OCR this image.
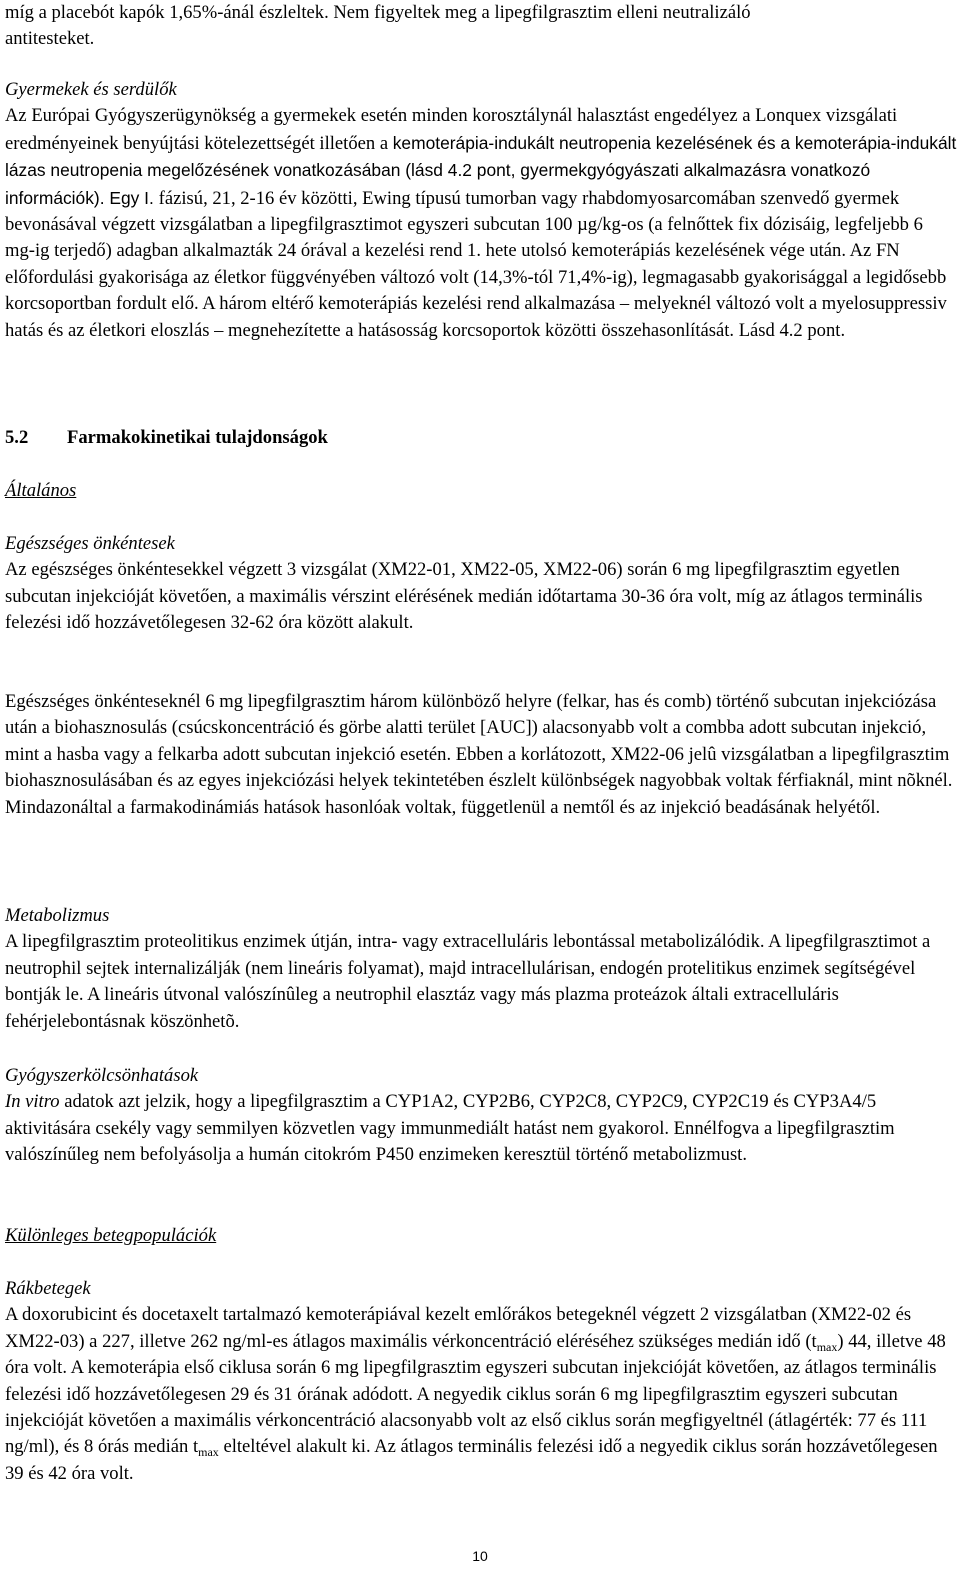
míg a placebót kapók 1,65%-ánál észleltek. Nem figyeltek meg a lipegfilgrasztim elleni neutralizáló

antitesteket.

Gyermekek és serdülők

Az Európai Gyógyszerügynökség a gyermekek esetén minden korosztálynál halasztást engedélyez a Lonquex vizsgálati eredményeinek benyújtási kötelezettségét illetően a kemoterápia-indukált neutropenia kezelésének és a kemoterápia-indukált lázas neutropenia megelőzésének vonatkozásában (lásd 4.2 pont, gyermekgyógyászati alkalmazásra vonatkozó információk). Egy I. fázisú, 21, 2-16 év közötti, Ewing típusú tumorban vagy rhabdomyosarcomában szenvedő gyermek bevonásával végzett vizsgálatban a lipegfilgrasztimot egyszeri subcutan 100 µg/kg-os (a felnőttek fix dózisáig, legfeljebb 6 mg-ig terjedő) adagban alkalmazták 24 órával a kezelési rend 1. hete utolsó kemoterápiás kezelésének vége után. Az FN előfordulási gyakorisága az életkor függvényében változó volt (14,3%-tól 71,4%-ig), legmagasabb gyakorisággal a legidősebb korcsoportban fordult elő. A három eltérő kemoterápiás kezelési rend alkalmazása – melyeknél változó volt a myelosuppressiv hatás és az életkori eloszlás – megnehezítette a hatásosság korcsoportok közötti összehasonlítását. Lásd 4.2 pont.

5.2 Farmakokinetikai tulajdonságok

Általános

Egészséges önkéntesek

Az egészséges önkéntesekkel végzett 3 vizsgálat (XM22-01, XM22-05, XM22-06) során 6 mg lipegfilgrasztim egyetlen subcutan injekcióját követően, a maximális vérszint elérésének medián időtartama 30-36 óra volt, míg az átlagos terminális felezési idő hozzávetőlegesen 32-62 óra között alakult.

Egészséges önkénteseknél 6 mg lipegfilgrasztim három különböző helyre (felkar, has és comb) történő subcutan injekciózása után a biohasznosulás (csúcskoncentráció és görbe alatti terület [AUC]) alacsonyabb volt a combba adott subcutan injekció, mint a hasba vagy a felkarba adott subcutan injekció esetén. Ebben a korlátozott, XM22-06 jelû vizsgálatban a lipegfilgrasztim biohasznosulásában és az egyes injekciózási helyek tekintetében észlelt különbségek nagyobbak voltak férfiaknál, mint nõknél. Mindazonáltal a farmakodinámiás hatások hasonlóak voltak, függetlenül a nemtől és az injekció beadásának helyétől.

Metabolizmus

A lipegfilgrasztim proteolitikus enzimek útján, intra- vagy extracelluláris lebontással metabolizálódik. A lipegfilgrasztimot a neutrophil sejtek internalizálják (nem lineáris folyamat), majd intracellulárisan, endogén protelitikus enzimek segítségével bontják le. A lineáris útvonal valószínûleg a neutrophil elasztáz vagy más plazma proteázok általi extracelluláris fehérjelebontásnak köszönhetõ.

Gyógyszerkölcsönhatások

In vitro adatok azt jelzik, hogy a lipegfilgrasztim a CYP1A2, CYP2B6, CYP2C8, CYP2C9, CYP2C19 és CYP3A4/5 aktivitására csekély vagy semmilyen közvetlen vagy immunmediált hatást nem gyakorol. Ennélfogva a lipegfilgrasztim valószínűleg nem befolyásolja a humán citokróm P450 enzimeken keresztül történő metabolizmust.

Különleges betegpopulációk

Rákbetegek

A doxorubicint és docetaxelt tartalmazó kemoterápiával kezelt emlőrákos betegeknél végzett 2 vizsgálatban (XM22-02 és XM22-03) a 227, illetve 262 ng/ml-es átlagos maximális vérkoncentráció eléréséhez szükséges medián idő $(t_{max})$ 44, illetve 48 óra volt. A kemoterápia első ciklusa során 6 mg lipegfilgrasztim egyszeri subcutan injekcióját követően, az átlagos terminális felezési idő hozzávetőlegesen 29 és 31 órának adódott. A negyedik ciklus során 6 mg lipegfilgrasztim egyszeri subcutan injekcióját követően a maximális vérkoncentráció alacsonyabb volt az első ciklus során megfigyeltnél (átlagérték: 77 és 111 ng/ml), és 8 órás medián $t_{max}$ elteltével alakult ki. Az átlagos terminális felezési idő a negyedik ciklus során hozzávetőlegesen 39 és 42 óra volt.

10
